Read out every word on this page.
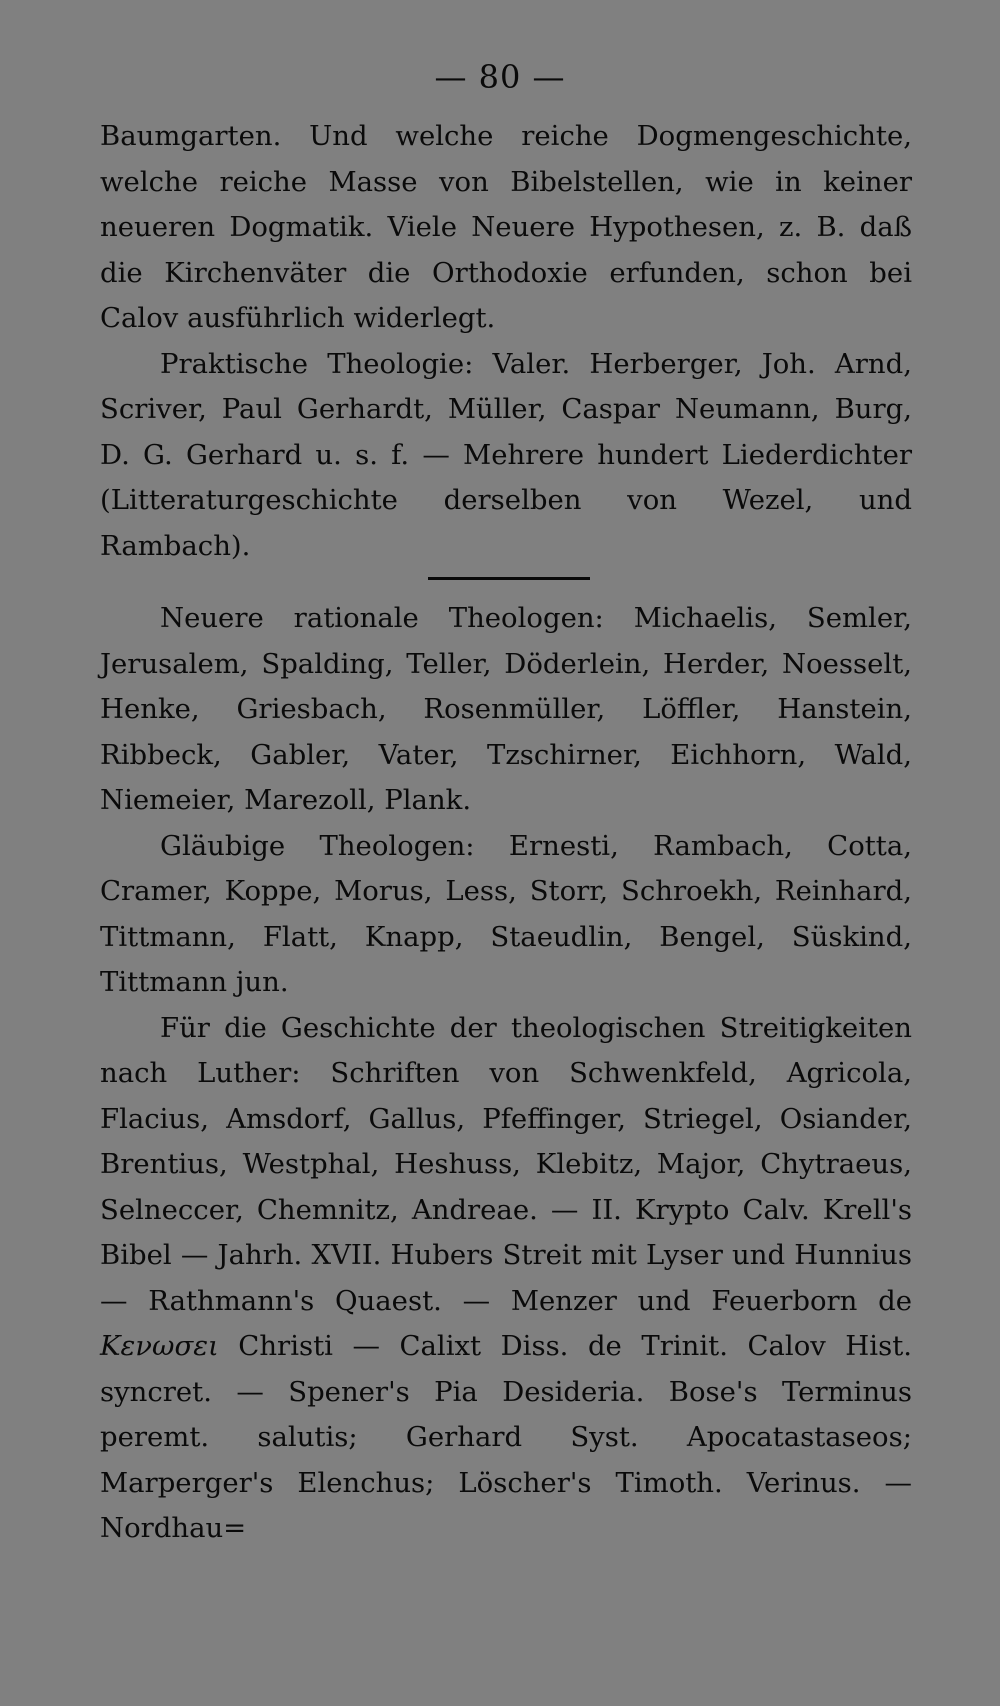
— 80 —

Baumgarten. Und welche reiche Dogmengeschichte, welche reiche Masse von Bibelstellen, wie in keiner neueren Dogmatik. Viele Neuere Hypothesen, z. B. daß die Kirchenväter die Orthodoxie erfunden, schon bei Calov ausführlich widerlegt.

Praktische Theologie: Valer. Herberger, Joh. Arnd, Scriver, Paul Gerhardt, Müller, Caspar Neumann, Burg, D. G. Gerhard u. s. f. — Mehrere hundert Liederdichter (Litteraturgeschichte derselben von Wezel, und Rambach).

Neuere rationale Theologen: Michaelis, Semler, Jerusalem, Spalding, Teller, Döderlein, Herder, Noesselt, Henke, Griesbach, Rosenmüller, Löffler, Hanstein, Ribbeck, Gabler, Vater, Tzschirner, Eichhorn, Wald, Niemeier, Marezoll, Plank.

Gläubige Theologen: Ernesti, Rambach, Cotta, Cramer, Koppe, Morus, Less, Storr, Schroekh, Reinhard, Tittmann, Flatt, Knapp, Staeudlin, Bengel, Süskind, Tittmann jun.

Für die Geschichte der theologischen Streitigkeiten nach Luther: Schriften von Schwenkfeld, Agricola, Flacius, Amsdorf, Gallus, Pfeffinger, Striegel, Osiander, Brentius, Westphal, Heshuss, Klebitz, Major, Chytraeus, Selneccer, Chemnitz, Andreae. — II. Krypto Calv. Krell's Bibel — Jahrh. XVII. Hubers Streit mit Lyser und Hunnius — Rathmann's Quaest. — Menzer und Feuerborn de Κενωσει Christi — Calixt Diss. de Trinit. Calov Hist. syncret. — Spener's Pia Desideria. Bose's Terminus peremt. salutis; Gerhard Syst. Apocatastaseos; Marperger's Elenchus; Löscher's Timoth. Verinus. — Nordhau=
